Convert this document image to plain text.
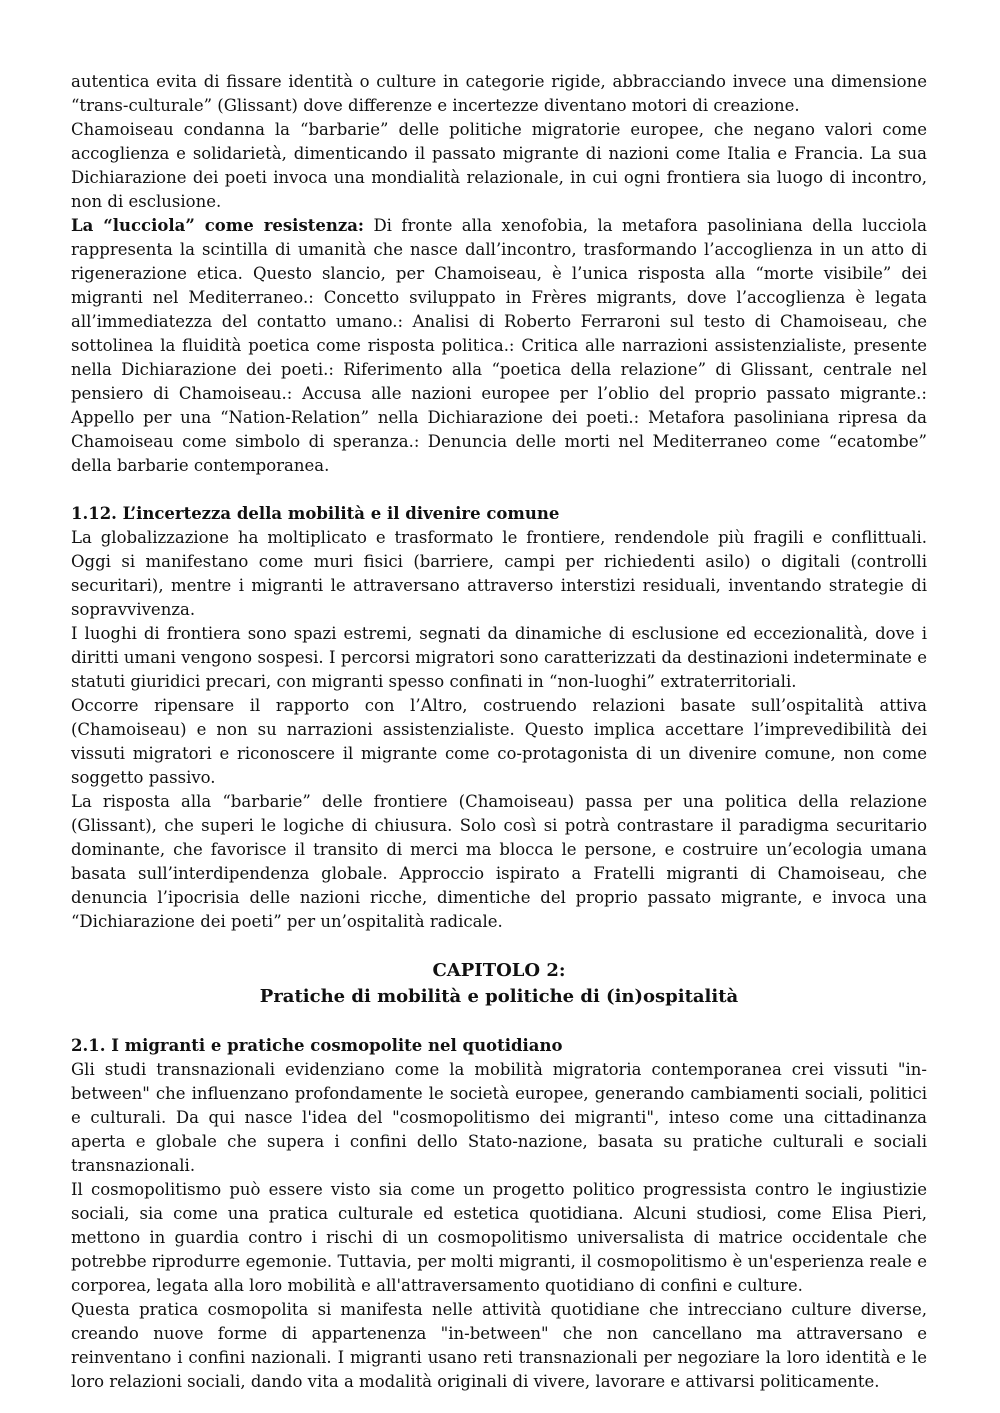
autentica evita di fissare identità o culture in categorie rigide, abbracciando invece una dimensione “trans-culturale” (Glissant) dove differenze e incertezze diventano motori di creazione.

Chamoiseau condanna la “barbarie” delle politiche migratorie europee, che negano valori come accoglienza e solidarietà, dimenticando il passato migrante di nazioni come Italia e Francia. La sua Dichiarazione dei poeti invoca una mondialità relazionale, in cui ogni frontiera sia luogo di incontro, non di esclusione.

La “lucciola” come resistenza: Di fronte alla xenofobia, la metafora pasoliniana della lucciola rappresenta la scintilla di umanità che nasce dall’incontro, trasformando l’accoglienza in un atto di rigenerazione etica. Questo slancio, per Chamoiseau, è l’unica risposta alla “morte visibile” dei migranti nel Mediterraneo.: Concetto sviluppato in Frères migrants, dove l’accoglienza è legata all’immediatezza del contatto umano.: Analisi di Roberto Ferraroni sul testo di Chamoiseau, che sottolinea la fluidità poetica come risposta politica.: Critica alle narrazioni assistenzialiste, presente nella Dichiarazione dei poeti.: Riferimento alla “poetica della relazione” di Glissant, centrale nel pensiero di Chamoiseau.: Accusa alle nazioni europee per l’oblio del proprio passato migrante.: Appello per una “Nation-Relation” nella Dichiarazione dei poeti.: Metafora pasoliniana ripresa da Chamoiseau come simbolo di speranza.: Denuncia delle morti nel Mediterraneo come “ecatombe” della barbarie contemporanea.

1.12. L’incertezza della mobilità e il divenire comune

La globalizzazione ha moltiplicato e trasformato le frontiere, rendendole più fragili e conflittuali. Oggi si manifestano come muri fisici (barriere, campi per richiedenti asilo) o digitali (controlli securitari), mentre i migranti le attraversano attraverso interstizi residuali, inventando strategie di sopravvivenza.

I luoghi di frontiera sono spazi estremi, segnati da dinamiche di esclusione ed eccezionalità, dove i diritti umani vengono sospesi. I percorsi migratori sono caratterizzati da destinazioni indeterminate e statuti giuridici precari, con migranti spesso confinati in “non-luoghi” extraterritoriali.

Occorre ripensare il rapporto con l’Altro, costruendo relazioni basate sull’ospitalità attiva (Chamoiseau) e non su narrazioni assistenzialiste. Questo implica accettare l’imprevedibilità dei vissuti migratori e riconoscere il migrante come co-protagonista di un divenire comune, non come soggetto passivo.

La risposta alla “barbarie” delle frontiere (Chamoiseau) passa per una politica della relazione (Glissant), che superi le logiche di chiusura. Solo così si potrà contrastare il paradigma securitario dominante, che favorisce il transito di merci ma blocca le persone, e costruire un’ecologia umana basata sull’interdipendenza globale. Approccio ispirato a Fratelli migranti di Chamoiseau, che denuncia l’ipocrisia delle nazioni ricche, dimentiche del proprio passato migrante, e invoca una “Dichiarazione dei poeti” per un’ospitalità radicale.

CAPITOLO 2:

Pratiche di mobilità e politiche di (in)ospitalità

2.1. I migranti e pratiche cosmopolite nel quotidiano

Gli studi transnazionali evidenziano come la mobilità migratoria contemporanea crei vissuti "in-between" che influenzano profondamente le società europee, generando cambiamenti sociali, politici e culturali. Da qui nasce l'idea del "cosmopolitismo dei migranti", inteso come una cittadinanza aperta e globale che supera i confini dello Stato-nazione, basata su pratiche culturali e sociali transnazionali.

Il cosmopolitismo può essere visto sia come un progetto politico progressista contro le ingiustizie sociali, sia come una pratica culturale ed estetica quotidiana. Alcuni studiosi, come Elisa Pieri, mettono in guardia contro i rischi di un cosmopolitismo universalista di matrice occidentale che potrebbe riprodurre egemonie. Tuttavia, per molti migranti, il cosmopolitismo è un'esperienza reale e corporea, legata alla loro mobilità e all'attraversamento quotidiano di confini e culture.

Questa pratica cosmopolita si manifesta nelle attività quotidiane che intrecciano culture diverse, creando nuove forme di appartenenza "in-between" che non cancellano ma attraversano e reinventano i confini nazionali. I migranti usano reti transnazionali per negoziare la loro identità e le loro relazioni sociali, dando vita a modalità originali di vivere, lavorare e attivarsi politicamente.
